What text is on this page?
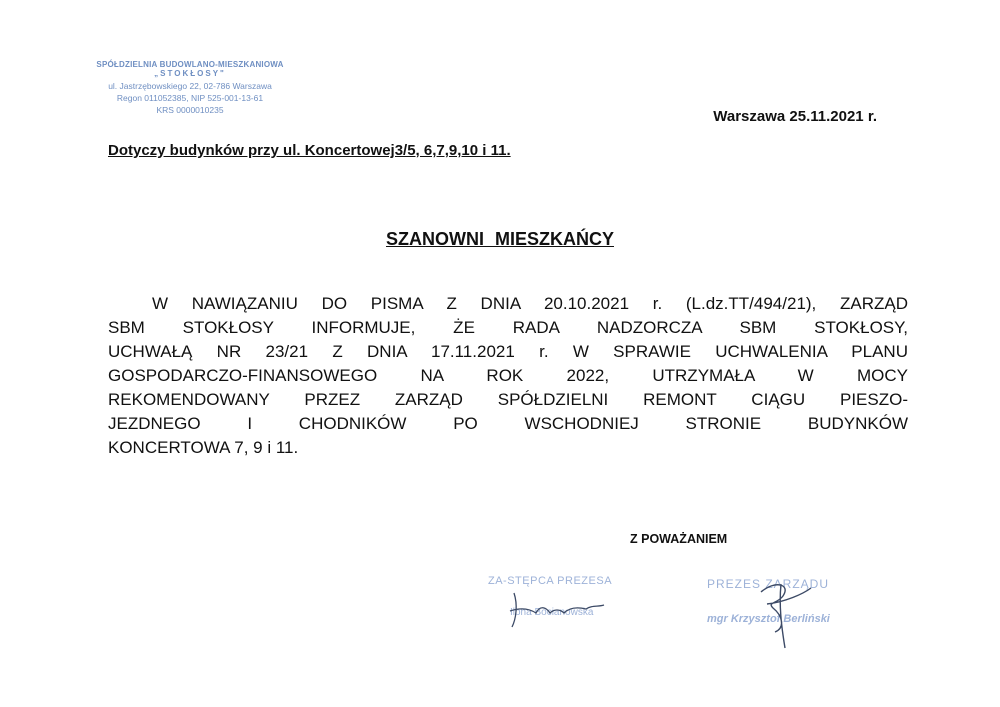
SPÓŁDZIELNIA BUDOWLANO-MIESZKANIOWA
„STOKŁOSY"
ul. Jastrzębowskiego 22, 02-786 Warszawa
Regon 011052385, NIP 525-001-13-61
KRS 0000010235	Warszawa 25.11.2021 r.
Dotyczy budynków przy ul. Koncertowej3/5, 6,7,9,10 i 11.
SZANOWNI MIESZKAŃCY
W NAWIĄZANIU DO PISMA Z DNIA 20.10.2021 r. (L.dz.TT/494/21), ZARZĄD
SBM STOKŁOSY INFORMUJE, ŻE RADA NADZORCZA SBM STOKŁOSY,
UCHWAŁĄ NR 23/21 Z DNIA 17.11.2021 r. W SPRAWIE UCHWALENIA PLANU
GOSPODARCZO-FINANSOWEGO NA ROK 2022, UTRZYMAŁA W MOCY
REKOMENDOWANY PRZEZ ZARZĄD SPÓŁDZIELNI REMONT CIĄGU PIESZO-
JEZDNEGO I CHODNIKÓW PO WSCHODNIEJ STRONIE BUDYNKÓW
KONCERTOWA 7, 9 i 11.
Z POWAŻANIEM
ZA-STĘPCA PREZESA
Ilona Bocianowska
PREZES ZARZĄDU
mgr Krzysztof Berliński
